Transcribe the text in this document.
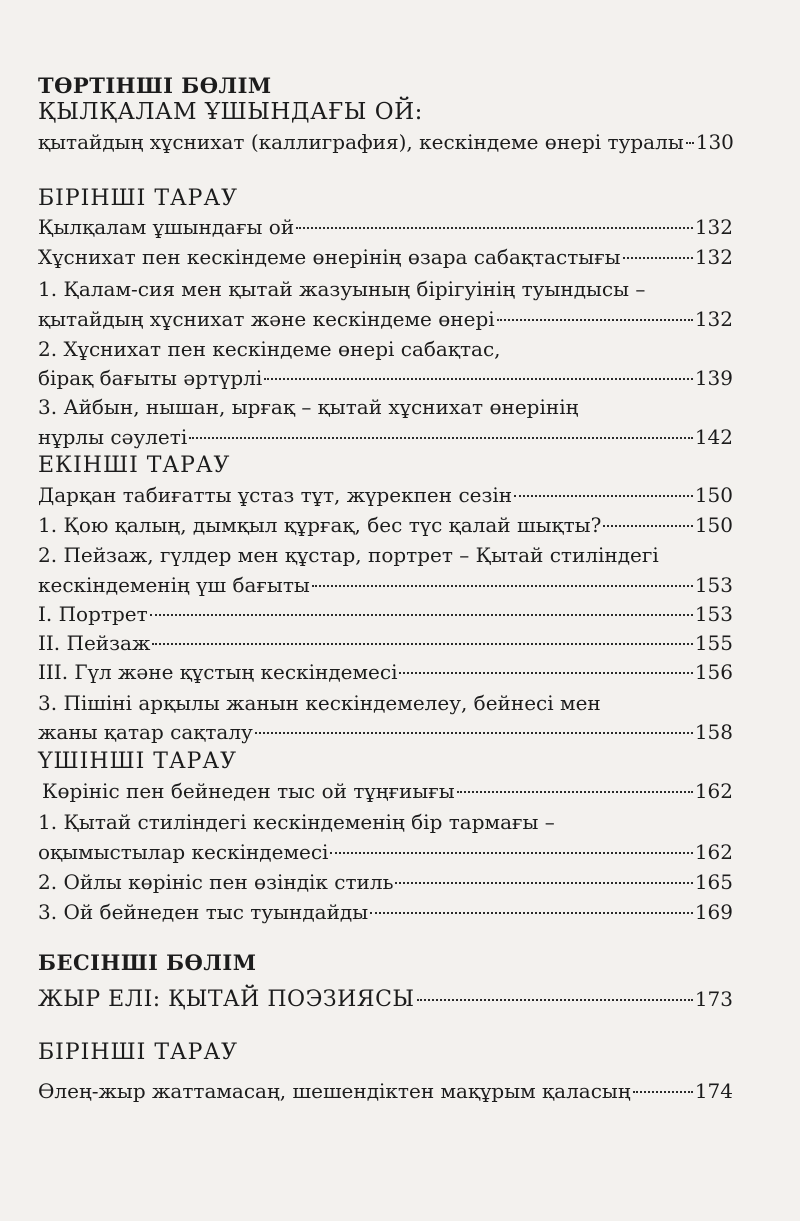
ТӨРТІНШІ БӨЛІМ
ҚЫЛҚАЛАМ ҰШЫНДАҒЫ ОЙ:
қытайдың хұснихат (каллиграфия), кескіндеме өнері туралы 130
БІРІНШІ ТАРАУ
Қылқалам ұшындағы ой	132
Хұснихат пен кескіндеме өнерінің өзара сабақтастығы	132
1. Қалам-сия мен қытай жазуының бірігуінің туындысы –
қытайдың хұснихат және кескіндеме өнері	132
2. Хұснихат пен кескіндеме өнері сабақтас,
бірақ бағыты әртүрлі	139
3. Айбын, нышан, ырғақ – қытай хұснихат өнерінің
нұрлы сәулеті	142
ЕКІНШІ ТАРАУ
Дарқан табиғатты ұстаз тұт, жүрекпен сезін	150
1. Қою қалың, дымқыл құрғақ, бес түс қалай шықты?	150
2. Пейзаж, гүлдер мен құстар, портрет – Қытай стиліндегі
кескіндеменің үш бағыты	153
І. Портрет	153
ІІ. Пейзаж	155
ІІІ. Гүл және құстың кескіндемесі	156
3. Пішіні арқылы жанын кескіндемелеу, бейнесі мен
жаны қатар сақталу	158
ҮШІНШІ ТАРАУ
Көрініс пен бейнеден тыс ой тұңғиығы	162
1. Қытай стиліндегі кескіндеменің бір тармағы –
оқымыстылар кескіндемесі	162
2. Ойлы көрініс пен өзіндік стиль	165
3. Ой бейнеден тыс туындайды	169
БЕСІНШІ БӨЛІМ
ЖЫР ЕЛІ: ҚЫТАЙ ПОЭЗИЯСЫ	173
БІРІНШІ ТАРАУ
Өлең-жыр жаттамасаң, шешендіктен мақұрым қаласың	174
